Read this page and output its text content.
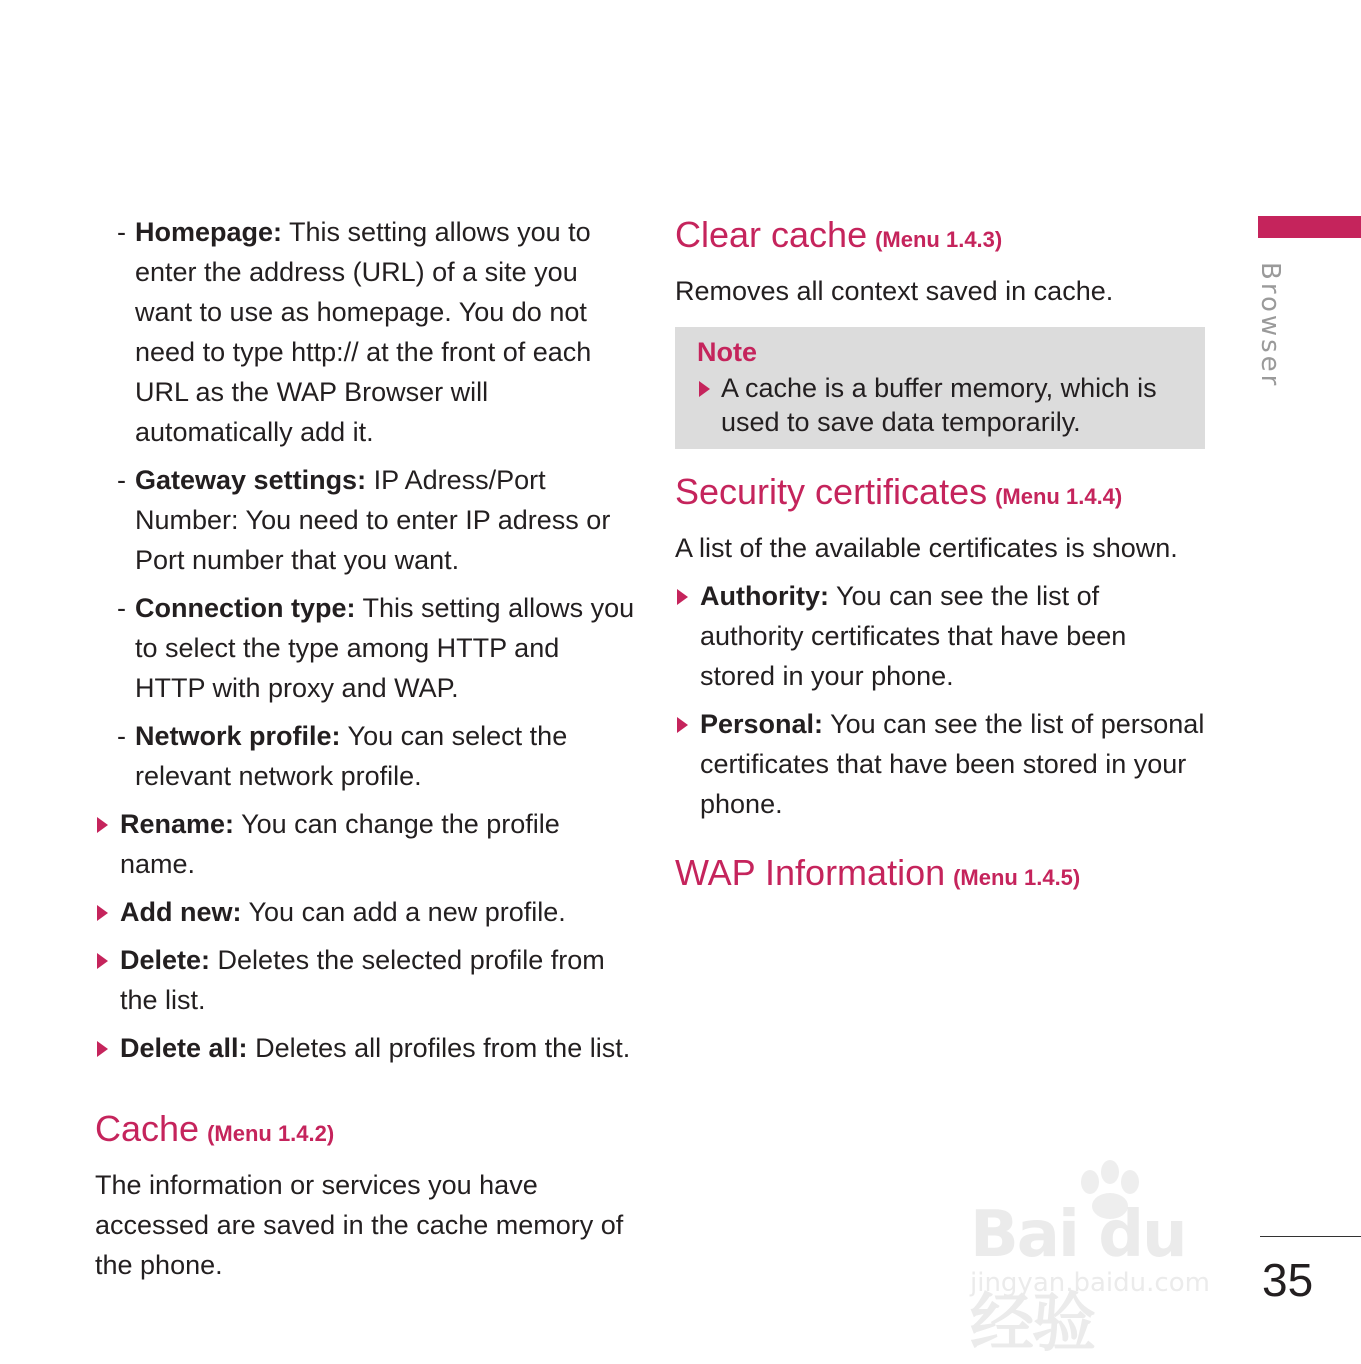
Browser
- Homepage: This setting allows you to enter the address (URL) of a site you want to use as homepage. You do not need to type http:// at the front of each URL as the WAP Browser will automatically add it.
- Gateway settings: IP Adress/Port Number: You need to enter IP adress or Port number that you want.
- Connection type: This setting allows you to select the type among HTTP and HTTP with proxy and WAP.
- Network profile: You can select the relevant network profile.
Rename: You can change the profile name.
Add new: You can add a new profile.
Delete: Deletes the selected profile from the list.
Delete all: Deletes all profiles from the list.
Cache (Menu 1.4.2)
The information or services you have accessed are saved in the cache memory of the phone.
Clear cache (Menu 1.4.3)
Removes all context saved in cache.
Note
A cache is a buffer memory, which is used to save data temporarily.
Security certificates (Menu 1.4.4)
A list of the available certificates is shown.
Authority: You can see the list of authority certificates that have been stored in your phone.
Personal: You can see the list of personal certificates that have been stored in your phone.
WAP Information (Menu 1.4.5)
Bai du 经验
jingyan.baidu.com 35
